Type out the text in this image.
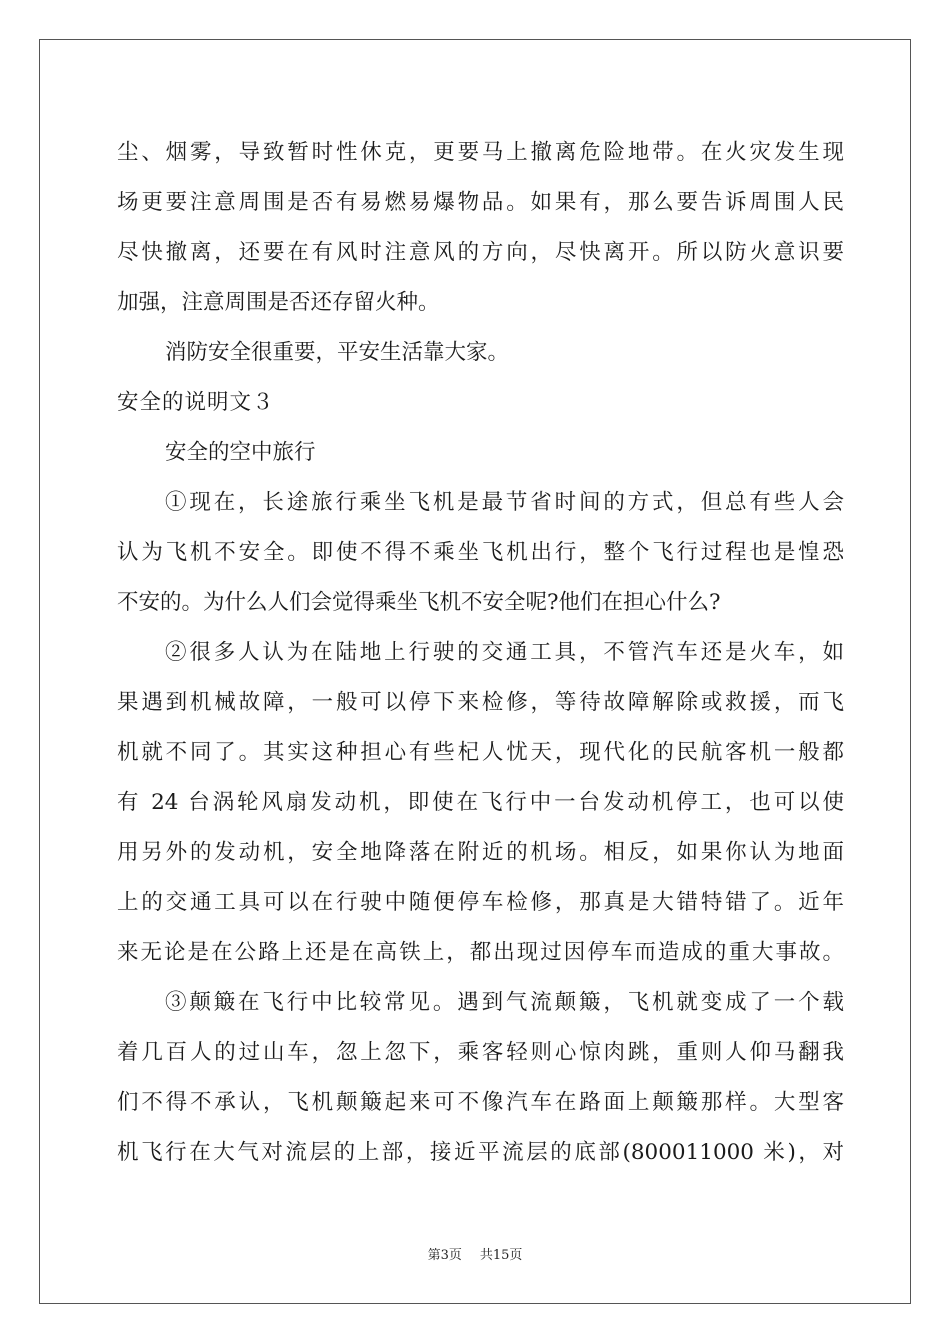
尘、烟雾，导致暂时性休克，更要马上撤离危险地带。在火灾发生现
场更要注意周围是否有易燃易爆物品。如果有，那么要告诉周围人民
尽快撤离，还要在有风时注意风的方向，尽快离开。所以防火意识要
加强，注意周围是否还存留火种。
消防安全很重要，平安生活靠大家。
安全的说明文３
安全的空中旅行
①现在，长途旅行乘坐飞机是最节省时间的方式，但总有些人会
认为飞机不安全。即使不得不乘坐飞机出行，整个飞行过程也是惶恐
不安的。为什么人们会觉得乘坐飞机不安全呢?他们在担心什么?
②很多人认为在陆地上行驶的交通工具，不管汽车还是火车，如
果遇到机械故障，一般可以停下来检修，等待故障解除或救援，而飞
机就不同了。其实这种担心有些杞人忧天，现代化的民航客机一般都
有 24 台涡轮风扇发动机，即使在飞行中一台发动机停工，也可以使
用另外的发动机，安全地降落在附近的机场。相反，如果你认为地面
上的交通工具可以在行驶中随便停车检修，那真是大错特错了。近年
来无论是在公路上还是在高铁上，都出现过因停车而造成的重大事故。
③颠簸在飞行中比较常见。遇到气流颠簸，飞机就变成了一个载
着几百人的过山车，忽上忽下，乘客轻则心惊肉跳，重则人仰马翻我
们不得不承认，飞机颠簸起来可不像汽车在路面上颠簸那样。大型客
机飞行在大气对流层的上部，接近平流层的底部(800011000 米)，对
第3页 共15页
